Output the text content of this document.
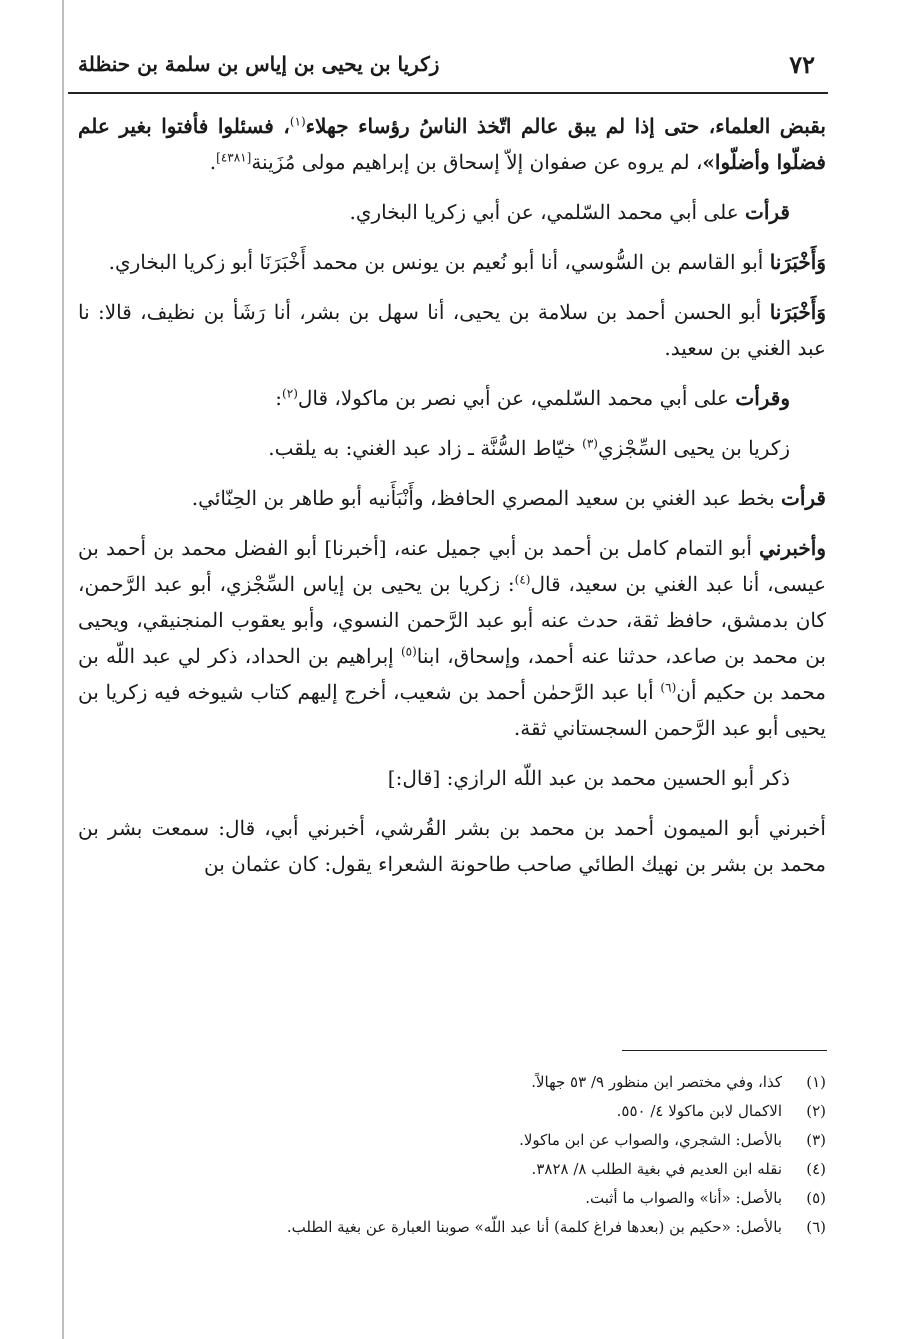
٧٢
زكريا بن يحيى بن إياس بن سلمة بن حنظلة

بقبض العلماء، حتى إذا لم يبق عالم اتّخذ الناسُ رؤساء جهلاء$^{(١)}$، فسئلوا فأفتوا بغير علم فضلّوا وأضلّوا»، لم يروه عن صفوان إلاّ إسحاق بن إبراهيم مولى مُزَينة[٤٣٨١].

قرأت على أبي محمد السّلمي، عن أبي زكريا البخاري.

وَأَخْبَرَنا أبو القاسم بن السُّوسي، أنا أبو نُعيم بن يونس بن محمد أَخْبَرَنَا أبو زكريا البخاري.

وَأَخْبَرَنا أبو الحسن أحمد بن سلامة بن يحيى، أنا سهل بن بشر، أنا رَشَأ بن نظيف، قالا: نا عبد الغني بن سعيد.

وقرأت على أبي محمد السّلمي، عن أبي نصر بن ماكولا، قال$^{(٢)}$:

زكريا بن يحيى السِّجْزي$^{(٣)}$ خيّاط السُّنَّة ـ زاد عبد الغني: به يلقب.

قرأت بخط عبد الغني بن سعيد المصري الحافظ، وأَنْبَأَنيه أبو طاهر بن الحِنّائي.

وأخبرني أبو التمام كامل بن أحمد بن أبي جميل عنه، [أخبرنا] أبو الفضل محمد بن أحمد بن عيسى، أنا عبد الغني بن سعيد، قال$^{(٤)}$: زكريا بن يحيى بن إياس السِّجْزي، أبو عبد الرَّحمن، كان بدمشق، حافظ ثقة، حدث عنه أبو عبد الرَّحمن النسوي، وأبو يعقوب المنجنيقي، ويحيى بن محمد بن صاعد، حدثنا عنه أحمد، وإسحاق، ابنا$^{(٥)}$ إبراهيم بن الحداد، ذكر لي عبد اللّه بن محمد بن حكيم أن$^{(٦)}$ أبا عبد الرَّحمٰن أحمد بن شعيب، أخرج إليهم كتاب شيوخه فيه زكريا بن يحيى أبو عبد الرَّحمن السجستاني ثقة.

ذكر أبو الحسين محمد بن عبد اللّه الرازي: [قال:]

أخبرني أبو الميمون أحمد بن محمد بن بشر القُرشي، أخبرني أبي، قال: سمعت بشر بن محمد بن بشر بن نهيك الطائي صاحب طاحونة الشعراء يقول: كان عثمان بن

(١)كذا، وفي مختصر ابن منظور ٩/ ٥٣ جهالاً.
(٢)الاكمال لابن ماكولا ٤/ ٥٥٠.
(٣)بالأصل: الشجري، والصواب عن ابن ماكولا.
(٤)نقله ابن العديم في بغية الطلب ٨/ ٣٨٢٨.
(٥)بالأصل: «أنا» والصواب ما أثبت.
(٦)بالأصل: «حكيم بن (بعدها فراغ كلمة) أنا عبد اللّه» صوبنا العبارة عن بغية الطلب.
